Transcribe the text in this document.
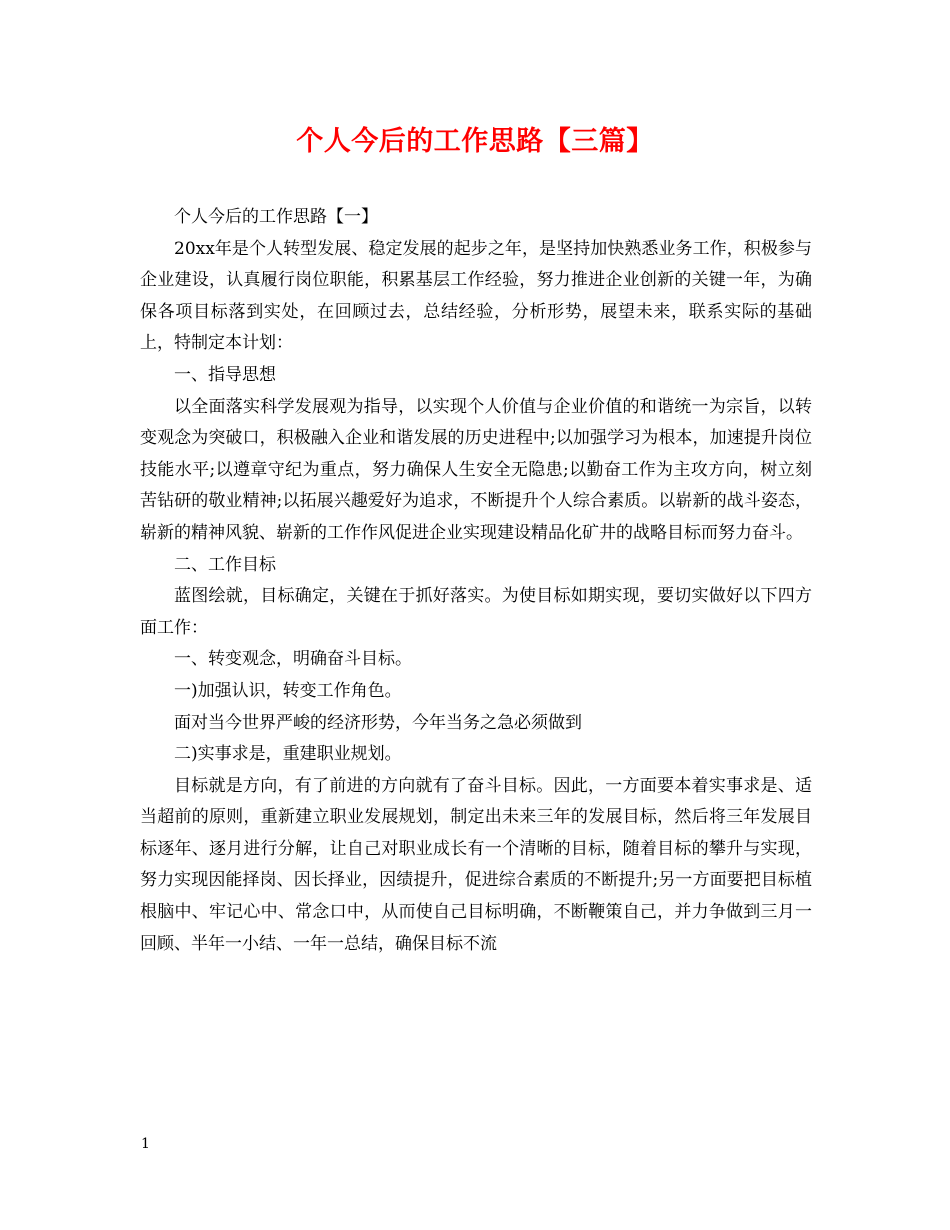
个人今后的工作思路【三篇】

个人今后的工作思路【一】

20xx年是个人转型发展、稳定发展的起步之年，是坚持加快熟悉业务工作，积极参与企业建设，认真履行岗位职能，积累基层工作经验，努力推进企业创新的关键一年，为确保各项目标落到实处，在回顾过去，总结经验，分析形势，展望未来，联系实际的基础上，特制定本计划：

一、指导思想

以全面落实科学发展观为指导，以实现个人价值与企业价值的和谐统一为宗旨，以转变观念为突破口，积极融入企业和谐发展的历史进程中;以加强学习为根本，加速提升岗位技能水平;以遵章守纪为重点，努力确保人生安全无隐患;以勤奋工作为主攻方向，树立刻苦钻研的敬业精神;以拓展兴趣爱好为追求，不断提升个人综合素质。以崭新的战斗姿态，崭新的精神风貌、崭新的工作作风促进企业实现建设精品化矿井的战略目标而努力奋斗。

二、工作目标

蓝图绘就，目标确定，关键在于抓好落实。为使目标如期实现，要切实做好以下四方面工作：

一、转变观念，明确奋斗目标。

一)加强认识，转变工作角色。

面对当今世界严峻的经济形势，今年当务之急必须做到

二)实事求是，重建职业规划。

目标就是方向，有了前进的方向就有了奋斗目标。因此，一方面要本着实事求是、适当超前的原则，重新建立职业发展规划，制定出未来三年的发展目标，然后将三年发展目标逐年、逐月进行分解，让自己对职业成长有一个清晰的目标，随着目标的攀升与实现，努力实现因能择岗、因长择业，因绩提升，促进综合素质的不断提升;另一方面要把目标植根脑中、牢记心中、常念口中，从而使自己目标明确，不断鞭策自己，并力争做到三月一回顾、半年一小结、一年一总结，确保目标不流

1
